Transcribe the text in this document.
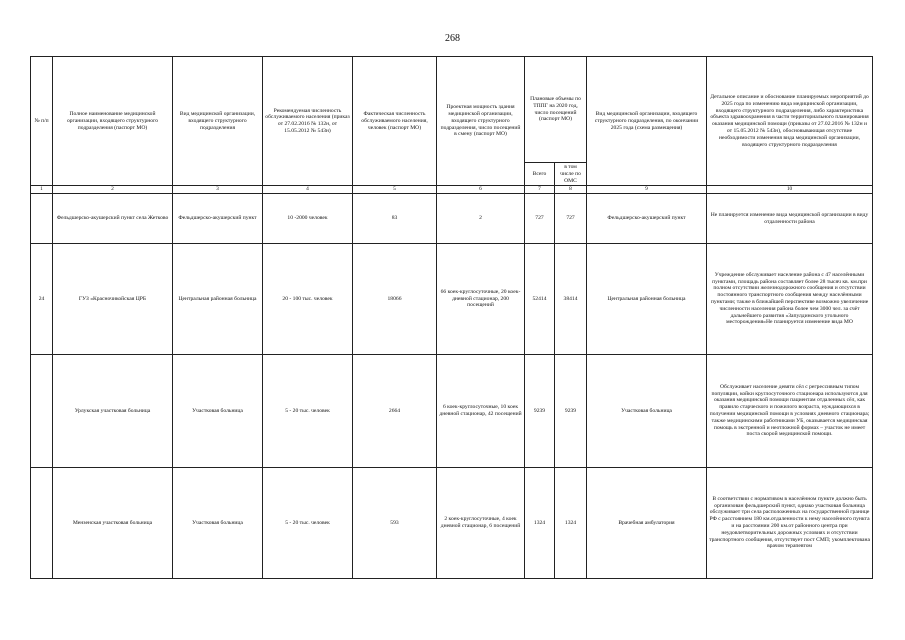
268
№ п/п	Полное наименование медицинской организации, входящего структурного подразделения (паспорт МО)	Вид медицинской организации, входящего структурного подразделения	Рекомендуемая численность обслуживаемого населения (приказ от 27.02.2016 № 132н, от 15.05.2012 № 543н)	Фактическая численность обслуживаемого населения, человек (паспорт МО)	Проектная мощность здания медицинской организации, входящего структурного подразделения, число посещений в смену (паспорт МО)	Плановые объемы по ТППГ на 2020 год, число посещений (паспорт МО)		Вид медицинской организации, входящего структурного подразделения, по окончании 2025 года (схема размещения)	Детальное описание и обоснование планируемых мероприятий до 2025 года по изменению вида медицинской организации, входящего структурного подразделения, либо характеристика объекта здравоохранения в части территориального планирования оказания медицинской помощи (приказы от 27.02.2016 № 132н и от 15.05.2012 № 543н), обосновывающая отсутствие необходимости изменения вида медицинской организации, входящего структурного подразделения
						Всего	в том числе по ОМС		
1	2	3	4	5	6	7	8	9	10
	Фельдшерско-акушерский пункт села Жетково	Фельдшерско-акушерский пункт	10 -2000 человек	83	2	727	727	Фельдшерско-акушерский пункт	Не планируется изменение вида медицинской организации в виду отдаленности района
24	ГУЗ «Красночикойская ЦРБ	Центральная районная больница	20 - 100 тыс. человек	18066	66 коек-круглосуточные, 20 коек-дневной стационар, 200 посещений	52414	38414	Центральная районная больница	Учреждение обслуживает население района с 47 населёнными пунктами, площадь района составляет более 28 тысяч кв. км.при полном отсутствии железнодорожного сообщения и отсутствии постоянного транспортного сообщения между населёнными пунктами; также в ближайшей перспективе возможно увеличение численности населения района более чем 3000 чел. за счёт дальнейшего развития «Запулдинского угольного месторождения»Не планируется изменение вида МО
	Урлукская участковая больница	Участковая больница	5 - 20 тыс. человек	2664	6 коек-круглосуточные, 10 коек дневной стационар, 42 посещений	9239	9239	Участковая больница	Обслуживает население девяти сёл с регрессивным типом популяции, койки круглосуточного стационара используются для оказания медицинской помощи пациентам отдаленных сёл, как правило старческого и пожилого возраста, нуждающихся в получении медицинской помощи в условиях дневного стационара; также медицинскими работниками УБ, оказывается медицинская помощь в экстренной и неотложной формах – участок не имеет поста скорой медицинской помощи.
	Мензенская участковая больница	Участковая больница	5 - 20 тыс. человек	593	2 коек-круглосуточные, 4 коек дневной стационар, 6 посещений	1324	1324	Врачебная амбулатория	В соответствии с нормативом в населённом пункте должно быть организован фельдшерский пункт, однако участковая больница обслуживает три села расположенных на государственной границе РФ с расстоянием 180 км.отдаленности к нему населённого пункта и на расстоянии 200 км.от районного центра при неудовлетворительных дорожных условиях и отсутствии транспортного сообщения, отсутствует пост СМП; укомплектована врачом терапевтом
